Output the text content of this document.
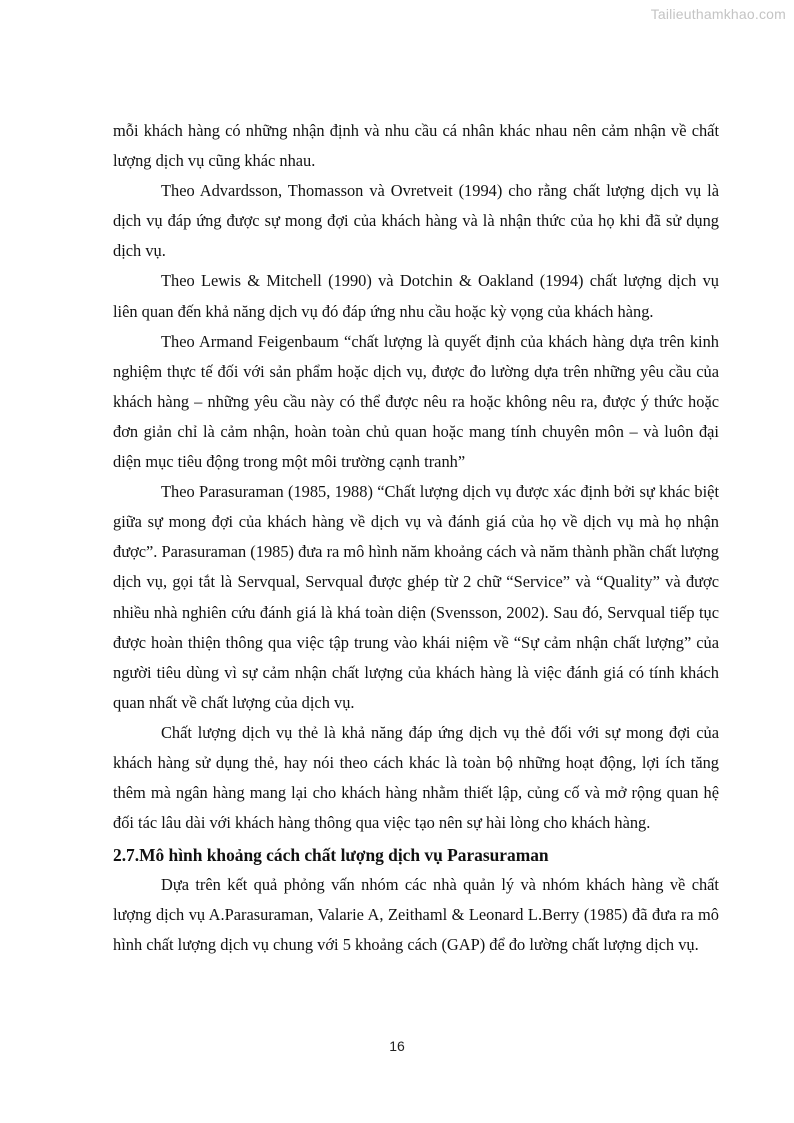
Tailieuthamkhao.com

mỗi khách hàng có những nhận định và nhu cầu cá nhân khác nhau nên cảm nhận về chất lượng dịch vụ cũng khác nhau.

Theo Advardsson, Thomasson và Ovretveit (1994) cho rằng chất lượng dịch vụ là dịch vụ đáp ứng được sự mong đợi của khách hàng và là nhận thức của họ khi đã sử dụng dịch vụ.

Theo Lewis & Mitchell (1990) và Dotchin & Oakland (1994) chất lượng dịch vụ liên quan đến khả năng dịch vụ đó đáp ứng nhu cầu hoặc kỳ vọng của khách hàng.

Theo Armand Feigenbaum “chất lượng là quyết định của khách hàng dựa trên kinh nghiệm thực tế đối với sản phẩm hoặc dịch vụ, được đo lường dựa trên những yêu cầu của khách hàng – những yêu cầu này có thể được nêu ra hoặc không nêu ra, được ý thức hoặc đơn giản chỉ là cảm nhận, hoàn toàn chủ quan hoặc mang tính chuyên môn – và luôn đại diện mục tiêu động trong một môi trường cạnh tranh”

Theo Parasuraman (1985, 1988) “Chất lượng dịch vụ được xác định bởi sự khác biệt giữa sự mong đợi của khách hàng về dịch vụ và đánh giá của họ về dịch vụ mà họ nhận được”. Parasuraman (1985) đưa ra mô hình năm khoảng cách và năm thành phần chất lượng dịch vụ, gọi tắt là Servqual, Servqual được ghép từ 2 chữ “Service” và “Quality” và được nhiều nhà nghiên cứu đánh giá là khá toàn diện (Svensson, 2002). Sau đó, Servqual tiếp tục được hoàn thiện thông qua việc tập trung vào khái niệm về “Sự cảm nhận chất lượng” của người tiêu dùng vì sự cảm nhận chất lượng của khách hàng là việc đánh giá có tính khách quan nhất về chất lượng của dịch vụ.

Chất lượng dịch vụ thẻ là khả năng đáp ứng dịch vụ thẻ đối với sự mong đợi của khách hàng sử dụng thẻ, hay nói theo cách khác là toàn bộ những hoạt động, lợi ích tăng thêm mà ngân hàng mang lại cho khách hàng nhằm thiết lập, củng cố và mở rộng quan hệ đối tác lâu dài với khách hàng thông qua việc tạo nên sự hài lòng cho khách hàng.

2.7.Mô hình khoảng cách chất lượng dịch vụ Parasuraman

Dựa trên kết quả phỏng vấn nhóm các nhà quản lý và nhóm khách hàng về chất lượng dịch vụ A.Parasuraman, Valarie A, Zeithaml & Leonard L.Berry (1985) đã đưa ra mô hình chất lượng dịch vụ chung với 5 khoảng cách (GAP) để đo lường chất lượng dịch vụ.

16
